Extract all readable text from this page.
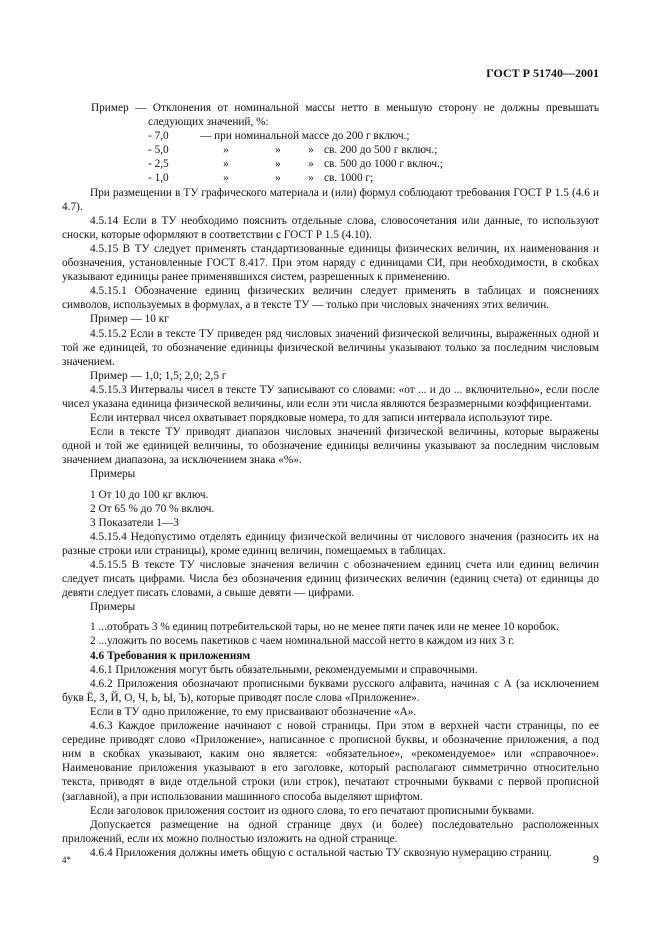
ГОСТ Р 51740—2001

Пример — Отклонения от номинальной массы нетто в меньшую сторону не должны превышать следующих значений, %:

- 7,0	— при номинальной массе до 200 г включ.;			
- 5,0	»	»	»	св. 200 до 500 г включ.;
- 2,5	»	»	»	св. 500 до 1000 г включ.;
- 1,0	»	»	»	св. 1000 г;

При размещении в ТУ графического материала и (или) формул соблюдают требования ГОСТ Р 1.5 (4.6 и 4.7).

4.5.14 Если в ТУ необходимо пояснить отдельные слова, словосочетания или данные, то используют сноски, которые оформляют в соответствии с ГОСТ Р 1.5 (4.10).

4.5.15 В ТУ следует применять стандартизованные единицы физических величин, их наименования и обозначения, установленные ГОСТ 8.417. При этом наряду с единицами СИ, при необходимости, в скобках указывают единицы ранее применявшихся систем, разрешенных к применению.

4.5.15.1 Обозначение единиц физических величин следует применять в таблицах и пояснениях символов, используемых в формулах, а в тексте ТУ — только при числовых значениях этих величин.

Пример — 10 кг

4.5.15.2 Если в тексте ТУ приведен ряд числовых значений физической величины, выраженных одной и той же единицей, то обозначение единицы физической величины указывают только за последним числовым значением.

Пример — 1,0; 1,5; 2,0; 2,5 г

4.5.15.3 Интервалы чисел в тексте ТУ записывают со словами: «от ... и до ... включительно», если после чисел указана единица физической величины, или если эти числа являются безразмерными коэффициентами.

Если интервал чисел охватывает порядковые номера, то для записи интервала используют тире.

Если в тексте ТУ приводят диапазон числовых значений физической величины, которые выражены одной и той же единицей величины, то обозначение единицы величины указывают за последним числовым значением диапазона, за исключением знака «%».

Примеры

1 От 10 до 100 кг включ.

2 От 65 % до 70 % включ.

3 Показатели 1—3

4.5.15.4 Недопустимо отделять единицу физической величины от числового значения (разносить их на разные строки или страницы), кроме единиц величин, помещаемых в таблицах.

4.5.15.5 В тексте ТУ числовые значения величин с обозначением единиц счета или единиц величин следует писать цифрами. Числа без обозначения единиц физических величин (единиц счета) от единицы до девяти следует писать словами, а свыше девяти — цифрами.

Примеры

1 ...отобрать 3 % единиц потребительской тары, но не менее пяти пачек или не менее 10 коробок.

2 ...уложить по восемь пакетиков с чаем номинальной массой нетто в каждом из них 3 г.

4.6 Требования к приложениям

4.6.1 Приложения могут быть обязательными, рекомендуемыми и справочными.

4.6.2 Приложения обозначают прописными буквами русского алфавита, начиная с А (за исключением букв Ё, З, Й, О, Ч, Ь, Ы, Ъ), которые приводят после слова «Приложение».

Если в ТУ одно приложение, то ему присваивают обозначение «А».

4.6.3 Каждое приложение начинают с новой страницы. При этом в верхней части страницы, по ее середине приводят слово «Приложение», написанное с прописной буквы, и обозначение приложения, а под ним в скобках указывают, каким оно является: «обязательное», «рекомендуемое» или «справочное». Наименование приложения указывают в его заголовке, который располагают симметрично относительно текста, приводят в виде отдельной строки (или строк), печатают строчными буквами с первой прописной (заглавной), а при использовании машинного способа выделяют шрифтом.

Если заголовок приложения состоит из одного слова, то его печатают прописными буквами.

Допускается размещение на одной странице двух (и более) последовательно расположенных приложений, если их можно полностью изложить на одной странице.

4.6.4 Приложения должны иметь общую с остальной частью ТУ сквозную нумерацию страниц.

4*	9
